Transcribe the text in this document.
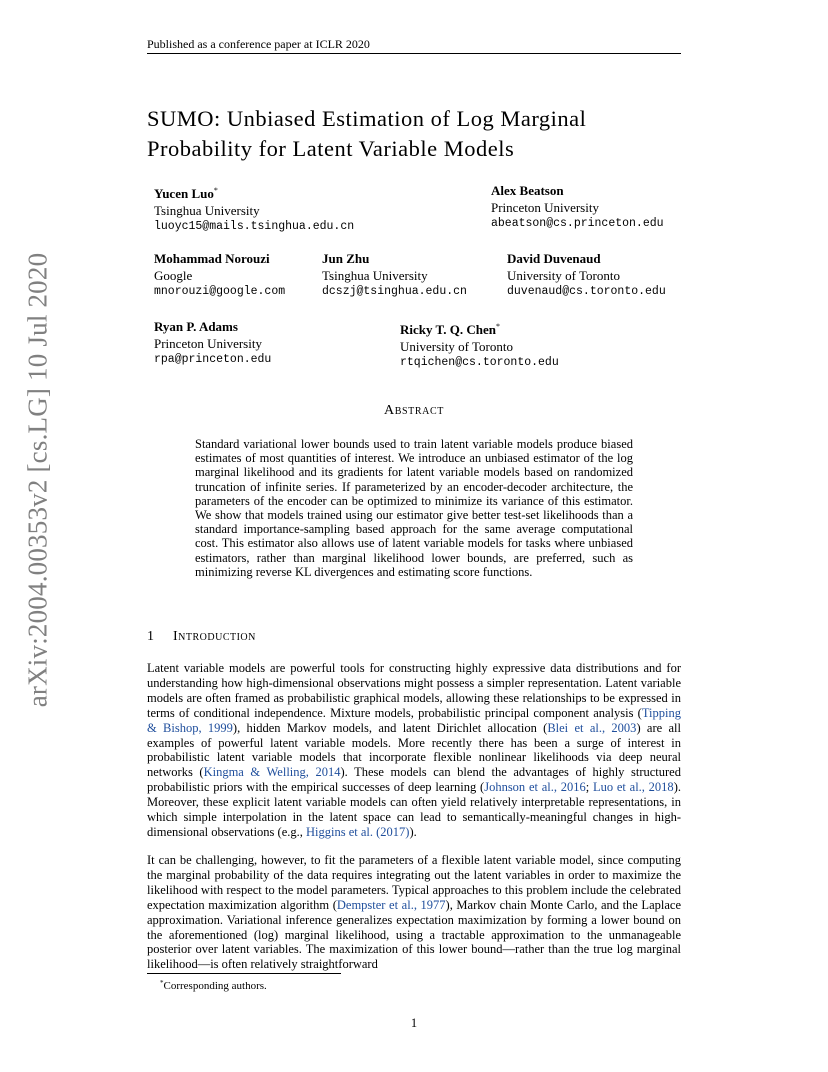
Published as a conference paper at ICLR 2020
arXiv:2004.00353v2 [cs.LG] 10 Jul 2020
SUMO: Unbiased Estimation of Log Marginal
Probability for Latent Variable Models
Yucen Luo*
Tsinghua University
luoyc15@mails.tsinghua.edu.cn
Alex Beatson
Princeton University
abeatson@cs.princeton.edu
Mohammad Norouzi
Google
mnorouzi@google.com
Jun Zhu
Tsinghua University
dcszj@tsinghua.edu.cn
David Duvenaud
University of Toronto
duvenaud@cs.toronto.edu
Ryan P. Adams
Princeton University
rpa@princeton.edu
Ricky T. Q. Chen*
University of Toronto
rtqichen@cs.toronto.edu
Abstract
Standard variational lower bounds used to train latent variable models produce biased estimates of most quantities of interest. We introduce an unbiased estimator of the log marginal likelihood and its gradients for latent variable models based on randomized truncation of infinite series. If parameterized by an encoder-decoder architecture, the parameters of the encoder can be optimized to minimize its variance of this estimator. We show that models trained using our estimator give better test-set likelihoods than a standard importance-sampling based approach for the same average computational cost. This estimator also allows use of latent variable models for tasks where unbiased estimators, rather than marginal likelihood lower bounds, are preferred, such as minimizing reverse KL divergences and estimating score functions.
1 Introduction
Latent variable models are powerful tools for constructing highly expressive data distributions and for understanding how high-dimensional observations might possess a simpler representation. Latent variable models are often framed as probabilistic graphical models, allowing these relationships to be expressed in terms of conditional independence. Mixture models, probabilistic principal component analysis (Tipping & Bishop, 1999), hidden Markov models, and latent Dirichlet allocation (Blei et al., 2003) are all examples of powerful latent variable models. More recently there has been a surge of interest in probabilistic latent variable models that incorporate flexible nonlinear likelihoods via deep neural networks (Kingma & Welling, 2014). These models can blend the advantages of highly structured probabilistic priors with the empirical successes of deep learning (Johnson et al., 2016; Luo et al., 2018). Moreover, these explicit latent variable models can often yield relatively interpretable representations, in which simple interpolation in the latent space can lead to semantically-meaningful changes in high-dimensional observations (e.g., Higgins et al. (2017)).
It can be challenging, however, to fit the parameters of a flexible latent variable model, since computing the marginal probability of the data requires integrating out the latent variables in order to maximize the likelihood with respect to the model parameters. Typical approaches to this problem include the celebrated expectation maximization algorithm (Dempster et al., 1977), Markov chain Monte Carlo, and the Laplace approximation. Variational inference generalizes expectation maximization by forming a lower bound on the aforementioned (log) marginal likelihood, using a tractable approximation to the unmanageable posterior over latent variables. The maximization of this lower bound—rather than the true log marginal likelihood—is often relatively straightforward
*Corresponding authors.
1
